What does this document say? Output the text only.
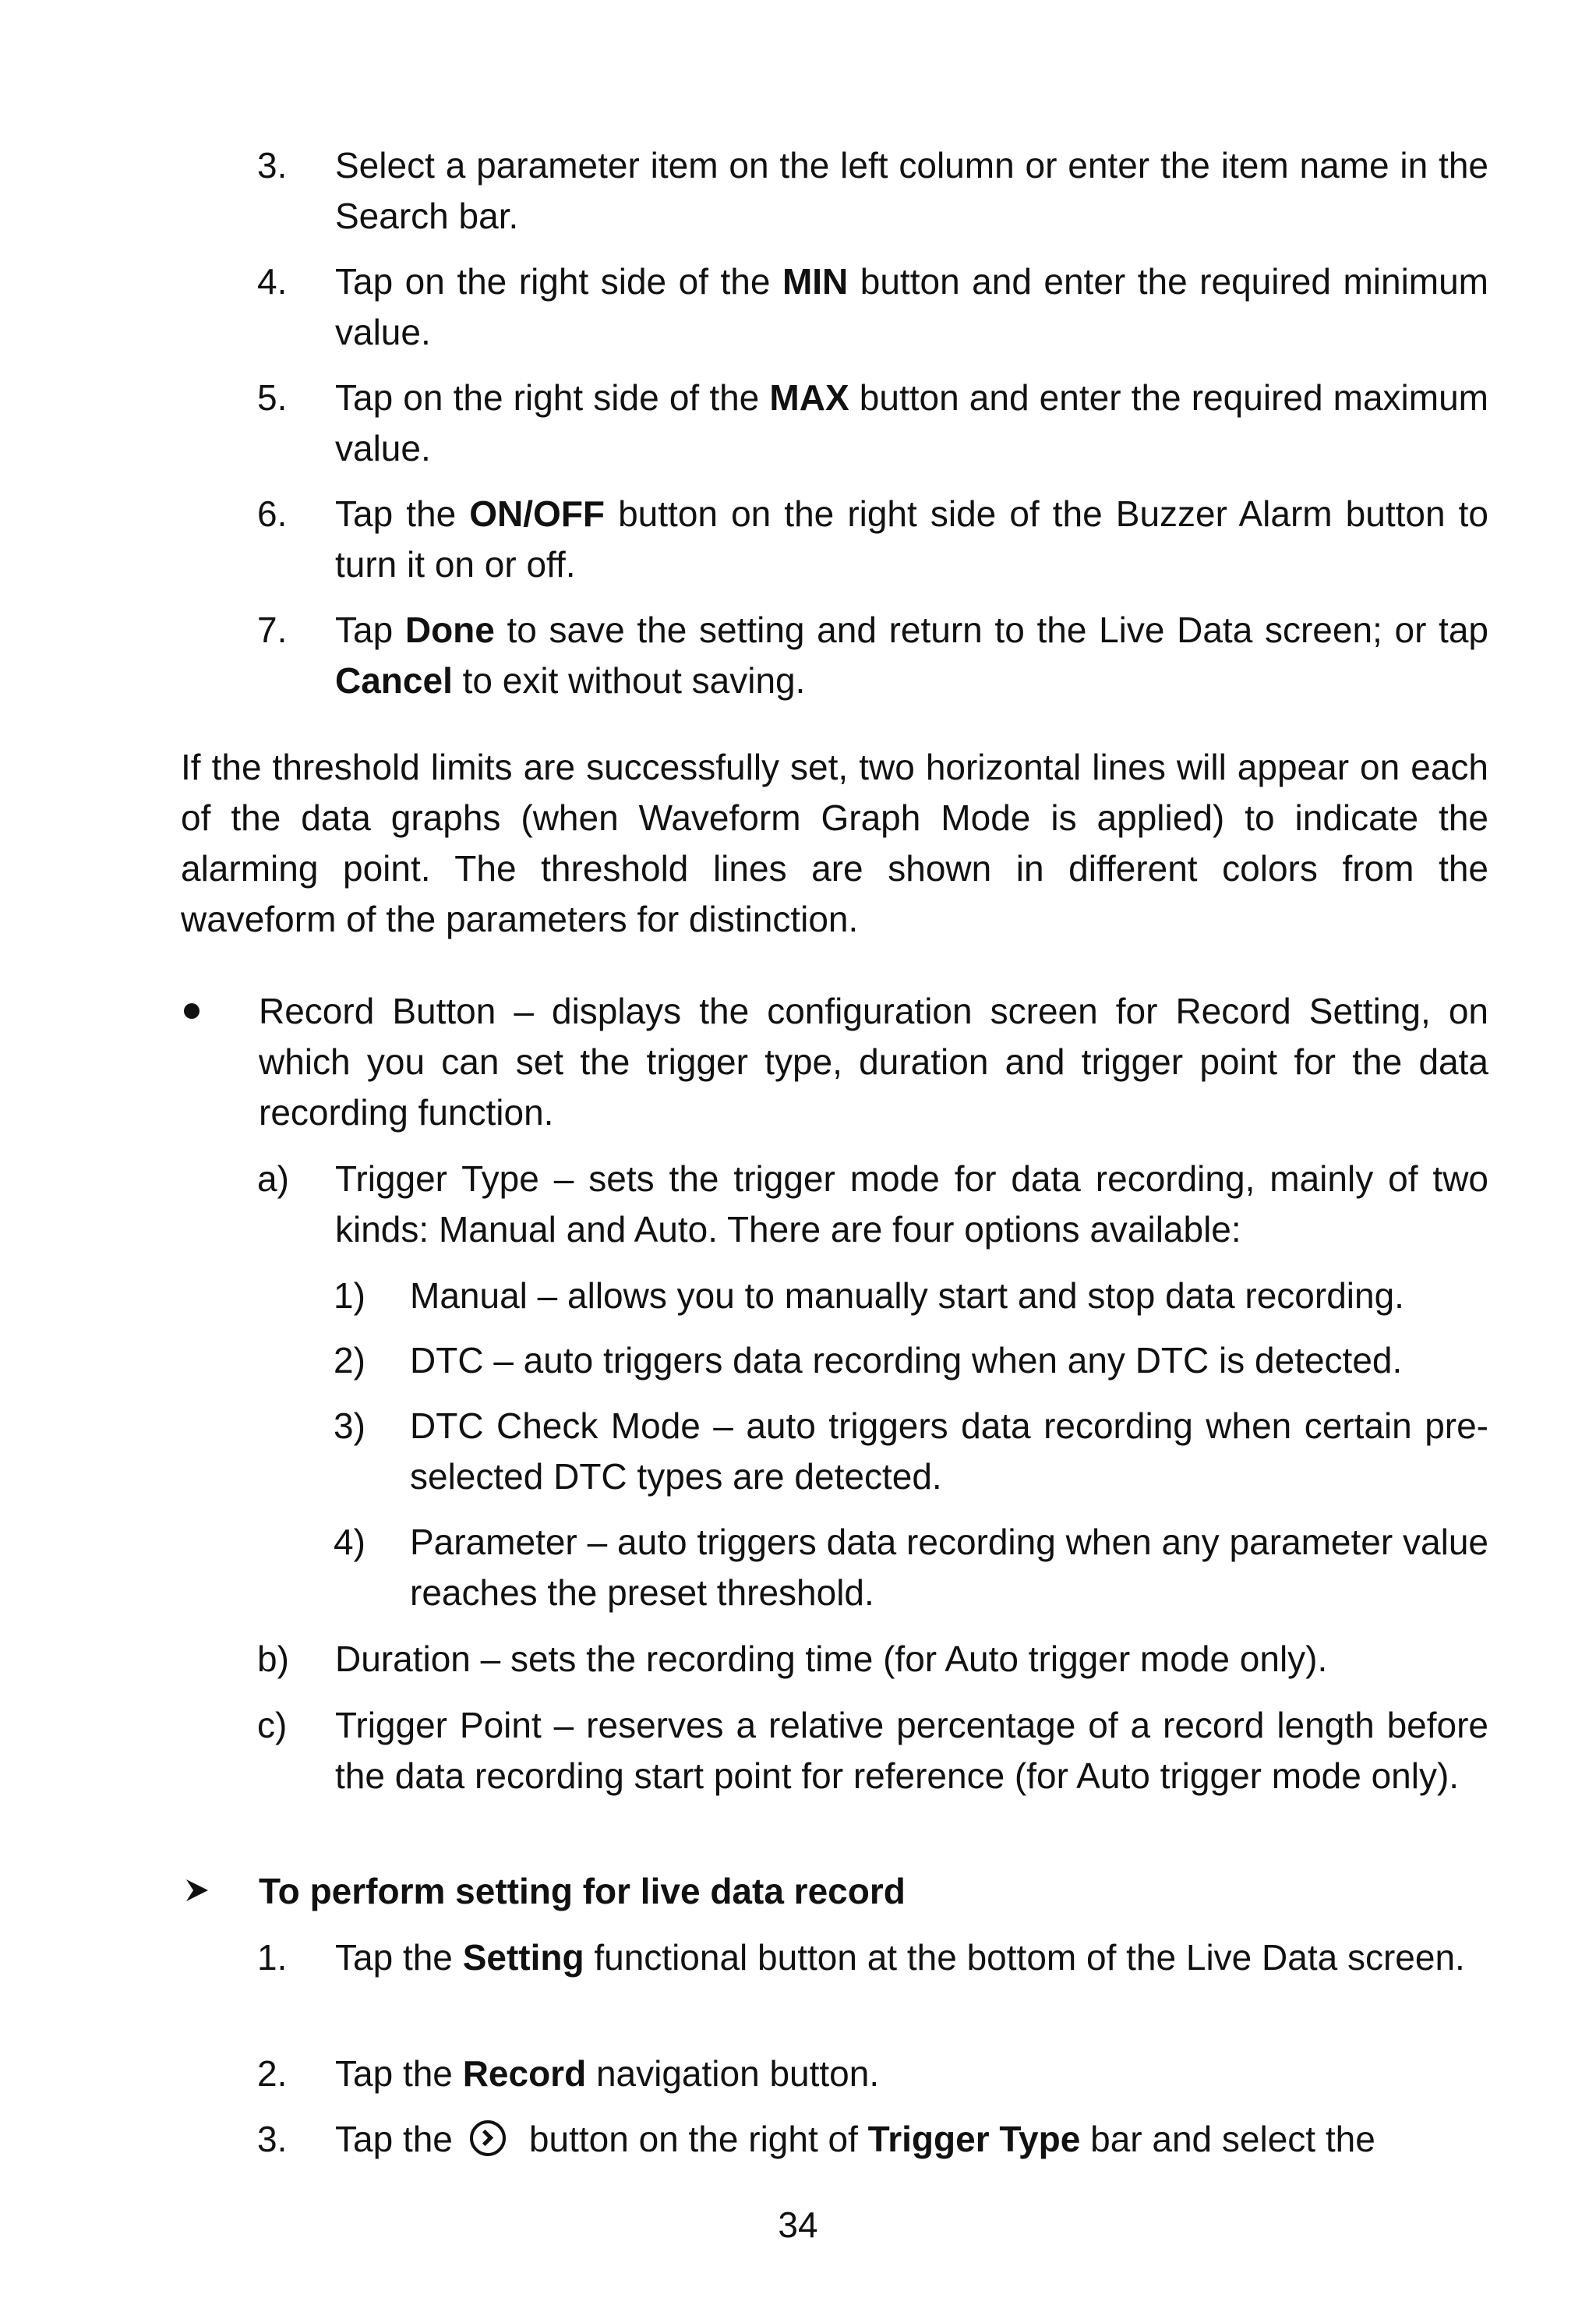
3. Select a parameter item on the left column or enter the item name in the Search bar.
4. Tap on the right side of the MIN button and enter the required minimum value.
5. Tap on the right side of the MAX button and enter the required maximum value.
6. Tap the ON/OFF button on the right side of the Buzzer Alarm button to turn it on or off.
7. Tap Done to save the setting and return to the Live Data screen; or tap Cancel to exit without saving.
If the threshold limits are successfully set, two horizontal lines will appear on each of the data graphs (when Waveform Graph Mode is applied) to indicate the alarming point. The threshold lines are shown in different colors from the waveform of the parameters for distinction.
Record Button – displays the configuration screen for Record Setting, on which you can set the trigger type, duration and trigger point for the data recording function.
a) Trigger Type – sets the trigger mode for data recording, mainly of two kinds: Manual and Auto. There are four options available:
1) Manual – allows you to manually start and stop data recording.
2) DTC – auto triggers data recording when any DTC is detected.
3) DTC Check Mode – auto triggers data recording when certain pre-selected DTC types are detected.
4) Parameter – auto triggers data recording when any parameter value reaches the preset threshold.
b) Duration – sets the recording time (for Auto trigger mode only).
c) Trigger Point – reserves a relative percentage of a record length before the data recording start point for reference (for Auto trigger mode only).
To perform setting for live data record
1. Tap the Setting functional button at the bottom of the Live Data screen.
2. Tap the Record navigation button.
3. Tap the button on the right of Trigger Type bar and select the
34
